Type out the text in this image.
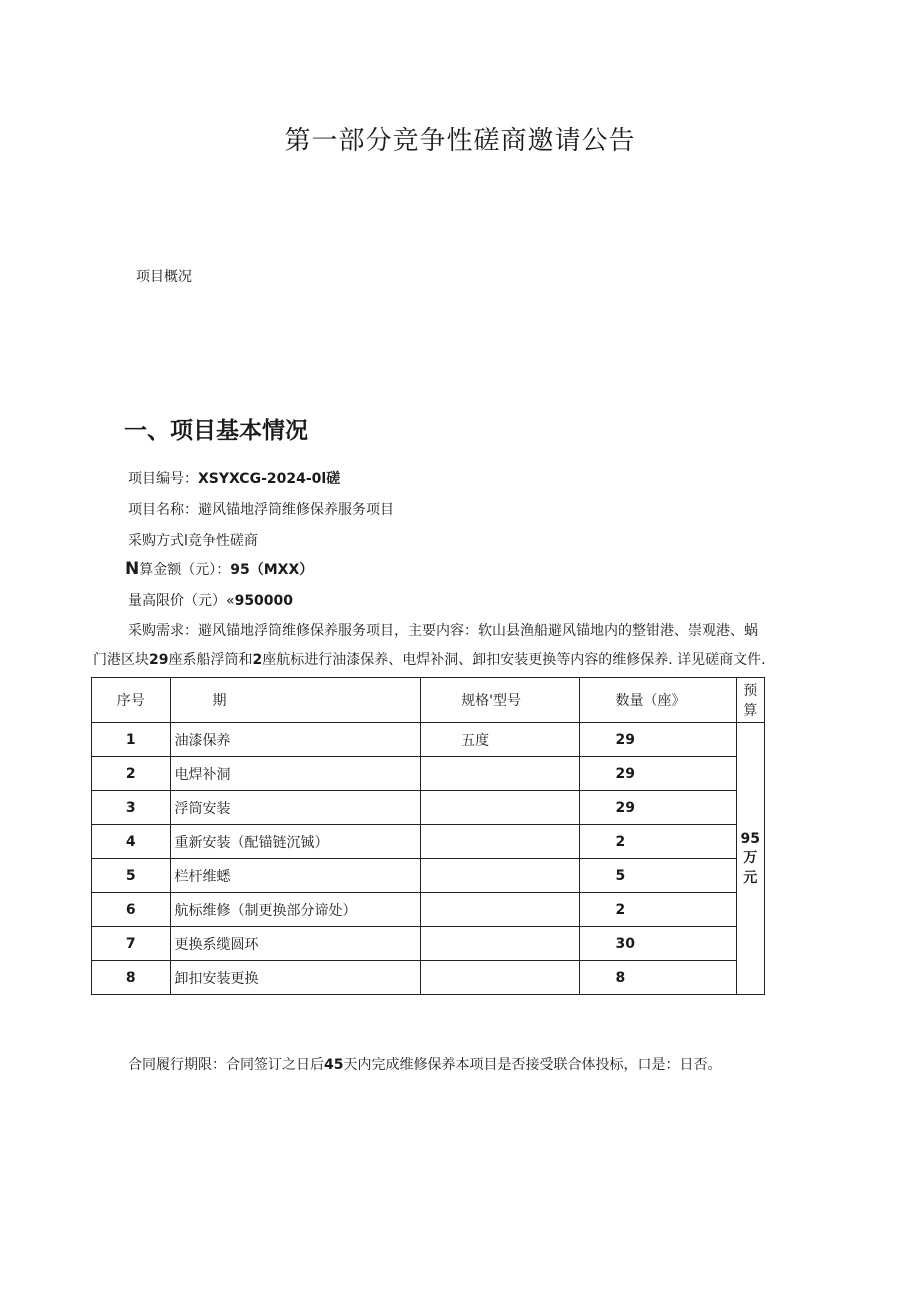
第一部分竞争性磋商邀请公告
项目概况
一、项目基本情况
项目编号：XSYXCG-2024-0l磋
项目名称：避风锚地浮筒维修保养服务项目
采购方式l竞争性磋商
N算金额（元）：95（MXX）
量高限价（元）«950000
采购需求：避风锚地浮筒维修保养服务项目，主要内容：软山县渔船避风锚地内的整钳港、崇观港、蜗
门港区块29座系船浮筒和2座航标进行油漆保养、电焊补洞、卸扣安装更换等内容的维修保养. 详见磋商文件.
序号	期	规格'型号	数量（座》	预算
1	油漆保养	五度	29	95万元
2	电焊补洞		29	
3	浮筒安装		29	
4	重新安装（配锚链沉铖）		2	
5	栏杆维蟋		5	
6	航标维修（制更换部分谛处）		2	
7	更换系缆圆环		30	
8	卸扣安装更换		8	
合同履行期限：合同签订之日后45天内完成维修保养本项目是否接受联合体投标，口是：日否。
